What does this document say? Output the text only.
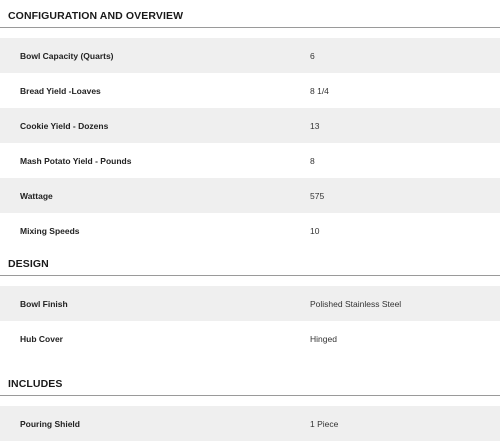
CONFIGURATION AND OVERVIEW
Bowl Capacity (Quarts)	6
Bread Yield -Loaves	8 1/4
Cookie Yield - Dozens	13
Mash Potato Yield - Pounds	8
Wattage	575
Mixing Speeds	10
DESIGN
Bowl Finish	Polished Stainless Steel
Hub Cover	Hinged
INCLUDES
Pouring Shield	1 Piece
